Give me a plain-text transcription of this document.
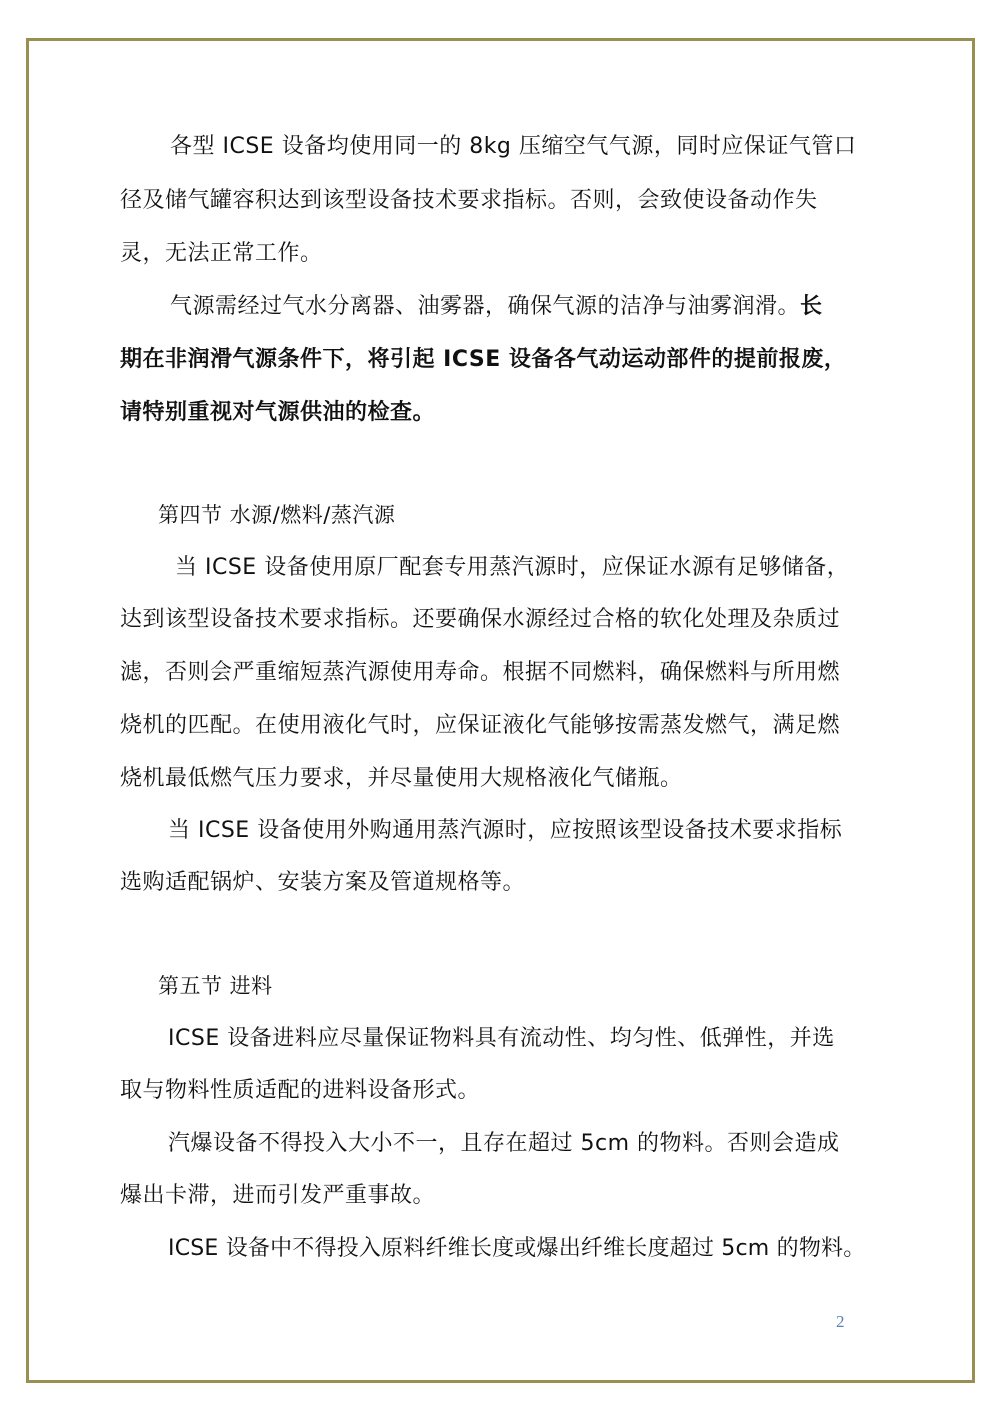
各型 ICSE 设备均使用同一的 8kg 压缩空气气源，同时应保证气管口
径及储气罐容积达到该型设备技术要求指标。否则，会致使设备动作失
灵，无法正常工作。
气源需经过气水分离器、油雾器，确保气源的洁净与油雾润滑。长
期在非润滑气源条件下，将引起 ICSE 设备各气动运动部件的提前报废，
请特别重视对气源供油的检查。
第四节 水源/燃料/蒸汽源
当 ICSE 设备使用原厂配套专用蒸汽源时，应保证水源有足够储备，
达到该型设备技术要求指标。还要确保水源经过合格的软化处理及杂质过
滤，否则会严重缩短蒸汽源使用寿命。根据不同燃料，确保燃料与所用燃
烧机的匹配。在使用液化气时，应保证液化气能够按需蒸发燃气，满足燃
烧机最低燃气压力要求，并尽量使用大规格液化气储瓶。
当 ICSE 设备使用外购通用蒸汽源时，应按照该型设备技术要求指标
选购适配锅炉、安装方案及管道规格等。
第五节 进料
ICSE 设备进料应尽量保证物料具有流动性、均匀性、低弹性，并选
取与物料性质适配的进料设备形式。
汽爆设备不得投入大小不一，且存在超过 5cm 的物料。否则会造成
爆出卡滞，进而引发严重事故。
ICSE 设备中不得投入原料纤维长度或爆出纤维长度超过 5cm 的物料。
2
